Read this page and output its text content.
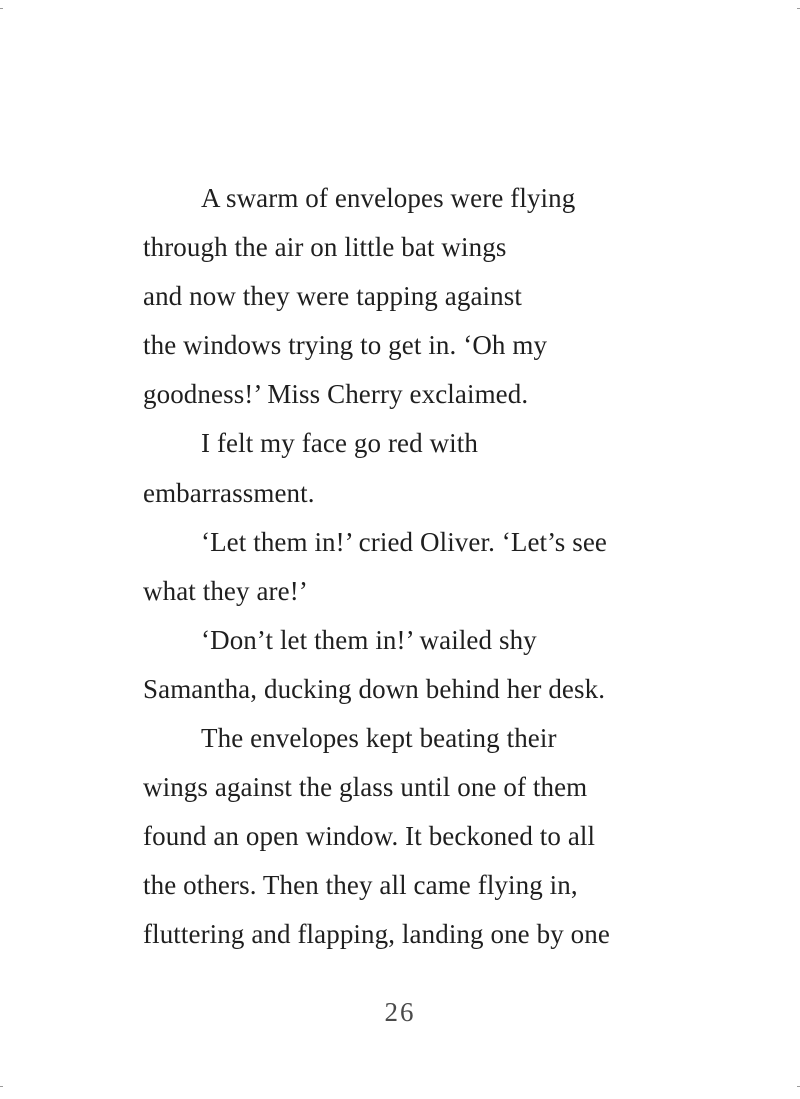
A swarm of envelopes were flying
through the air on little bat wings
and now they were tapping against
the windows trying to get in. ‘Oh my
goodness!’ Miss Cherry exclaimed.
I felt my face go red with
embarrassment.
‘Let them in!’ cried Oliver. ‘Let’s see
what they are!’
‘Don’t let them in!’ wailed shy
Samantha, ducking down behind her desk.
The envelopes kept beating their
wings against the glass until one of them
found an open window. It beckoned to all
the others. Then they all came flying in,
fluttering and flapping, landing one by one
26
